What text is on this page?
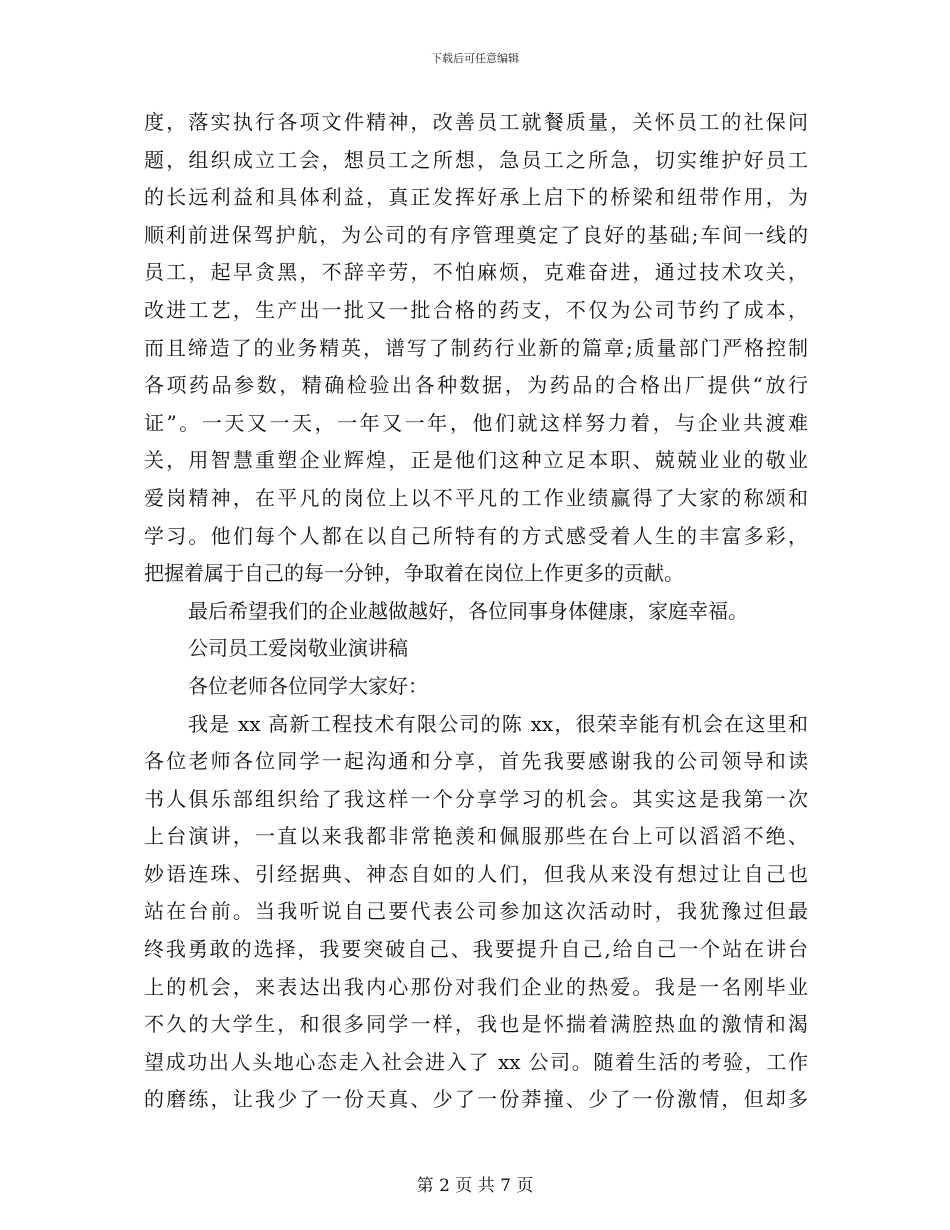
下载后可任意编辑
度，落实执行各项文件精神，改善员工就餐质量，关怀员工的社保问
题，组织成立工会，想员工之所想，急员工之所急，切实维护好员工
的长远利益和具体利益，真正发挥好承上启下的桥梁和纽带作用，为
顺利前进保驾护航，为公司的有序管理奠定了良好的基础;车间一线的
员工，起早贪黑，不辞辛劳，不怕麻烦，克难奋进，通过技术攻关，
改进工艺，生产出一批又一批合格的药支，不仅为公司节约了成本，
而且缔造了的业务精英，谱写了制药行业新的篇章;质量部门严格控制
各项药品参数，精确检验出各种数据，为药品的合格出厂提供“放行
证”。一天又一天，一年又一年，他们就这样努力着，与企业共渡难
关，用智慧重塑企业辉煌，正是他们这种立足本职、兢兢业业的敬业
爱岗精神，在平凡的岗位上以不平凡的工作业绩赢得了大家的称颂和
学习。他们每个人都在以自己所特有的方式感受着人生的丰富多彩，
把握着属于自己的每一分钟，争取着在岗位上作更多的贡献。
最后希望我们的企业越做越好，各位同事身体健康，家庭幸福。
公司员工爱岗敬业演讲稿
各位老师各位同学大家好：
我是 xx 高新工程技术有限公司的陈 xx，很荣幸能有机会在这里和
各位老师各位同学一起沟通和分享，首先我要感谢我的公司领导和读
书人俱乐部组织给了我这样一个分享学习的机会。其实这是我第一次
上台演讲，一直以来我都非常艳羡和佩服那些在台上可以滔滔不绝、
妙语连珠、引经据典、神态自如的人们，但我从来没有想过让自己也
站在台前。当我听说自己要代表公司参加这次活动时，我犹豫过但最
终我勇敢的选择，我要突破自己、我要提升自己,给自己一个站在讲台
上的机会，来表达出我内心那份对我们企业的热爱。我是一名刚毕业
不久的大学生，和很多同学一样，我也是怀揣着满腔热血的激情和渴
望成功出人头地心态走入社会进入了 xx 公司。随着生活的考验，工作
的磨练，让我少了一份天真、少了一份莽撞、少了一份激情，但却多
第 2 页 共 7 页
